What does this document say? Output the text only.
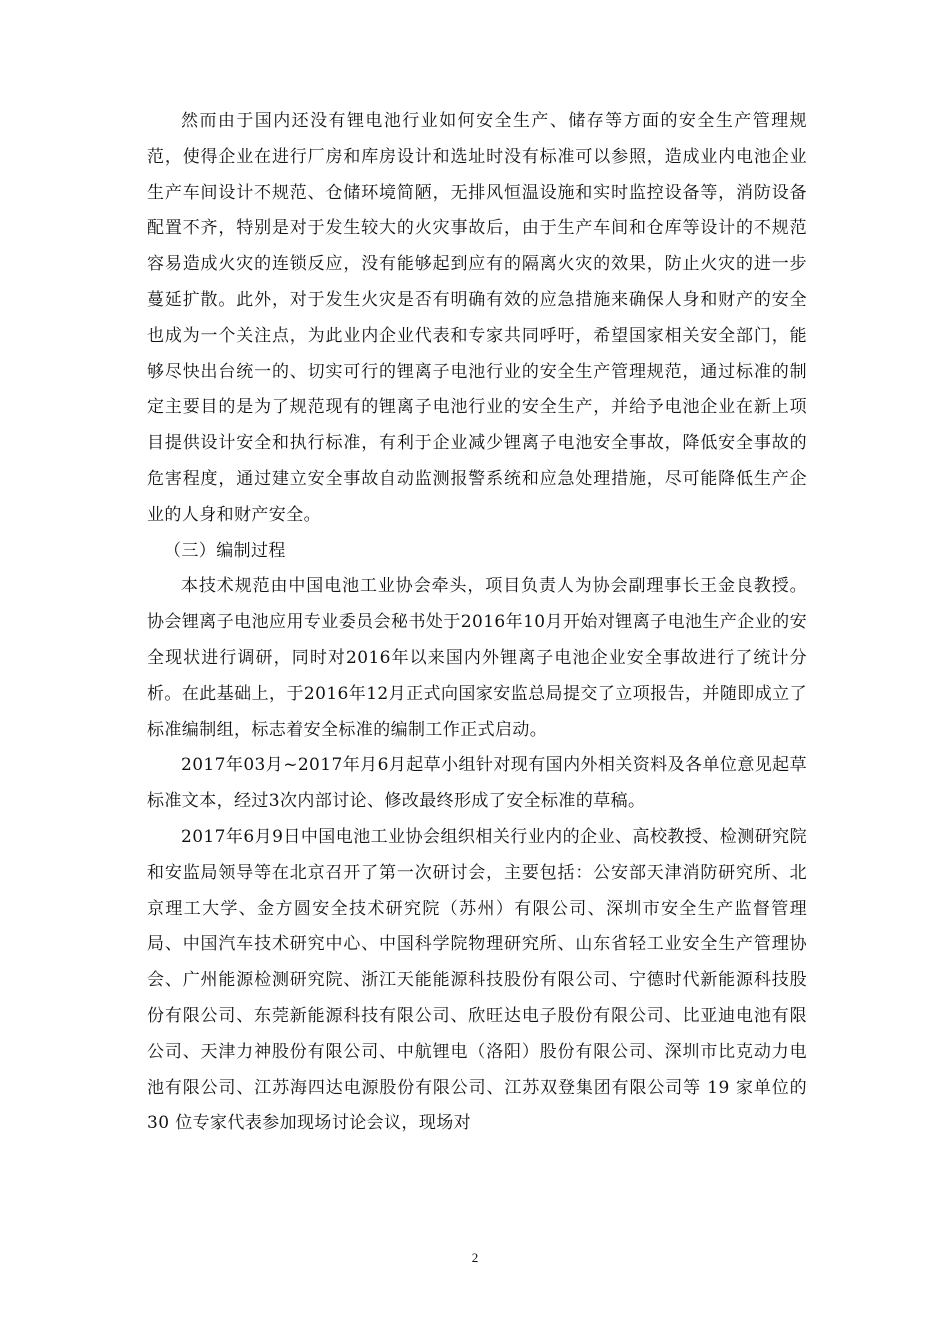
然而由于国内还没有锂电池行业如何安全生产、储存等方面的安全生产管理规范，使得企业在进行厂房和库房设计和选址时没有标准可以参照，造成业内电池企业生产车间设计不规范、仓储环境简陋，无排风恒温设施和实时监控设备等，消防设备配置不齐，特别是对于发生较大的火灾事故后，由于生产车间和仓库等设计的不规范容易造成火灾的连锁反应，没有能够起到应有的隔离火灾的效果，防止火灾的进一步蔓延扩散。此外，对于发生火灾是否有明确有效的应急措施来确保人身和财产的安全也成为一个关注点，为此业内企业代表和专家共同呼吁，希望国家相关安全部门，能够尽快出台统一的、切实可行的锂离子电池行业的安全生产管理规范，通过标准的制定主要目的是为了规范现有的锂离子电池行业的安全生产，并给予电池企业在新上项目提供设计安全和执行标准，有利于企业减少锂离子电池安全事故，降低安全事故的危害程度，通过建立安全事故自动监测报警系统和应急处理措施，尽可能降低生产企业的人身和财产安全。

（三）编制过程

本技术规范由中国电池工业协会牵头，项目负责人为协会副理事长王金良教授。协会锂离子电池应用专业委员会秘书处于2016年10月开始对锂离子电池生产企业的安全现状进行调研，同时对2016年以来国内外锂离子电池企业安全事故进行了统计分析。在此基础上，于2016年12月正式向国家安监总局提交了立项报告，并随即成立了标准编制组，标志着安全标准的编制工作正式启动。

2017年03月~2017年月6月起草小组针对现有国内外相关资料及各单位意见起草标准文本，经过3次内部讨论、修改最终形成了安全标准的草稿。

2017年6月9日中国电池工业协会组织相关行业内的企业、高校教授、检测研究院和安监局领导等在北京召开了第一次研讨会，主要包括：公安部天津消防研究所、北京理工大学、金方圆安全技术研究院（苏州）有限公司、深圳市安全生产监督管理局、中国汽车技术研究中心、中国科学院物理研究所、山东省轻工业安全生产管理协会、广州能源检测研究院、浙江天能能源科技股份有限公司、宁德时代新能源科技股份有限公司、东莞新能源科技有限公司、欣旺达电子股份有限公司、比亚迪电池有限公司、天津力神股份有限公司、中航锂电（洛阳）股份有限公司、深圳市比克动力电池有限公司、江苏海四达电源股份有限公司、江苏双登集团有限公司等 19 家单位的 30 位专家代表参加现场讨论会议，现场对

2
